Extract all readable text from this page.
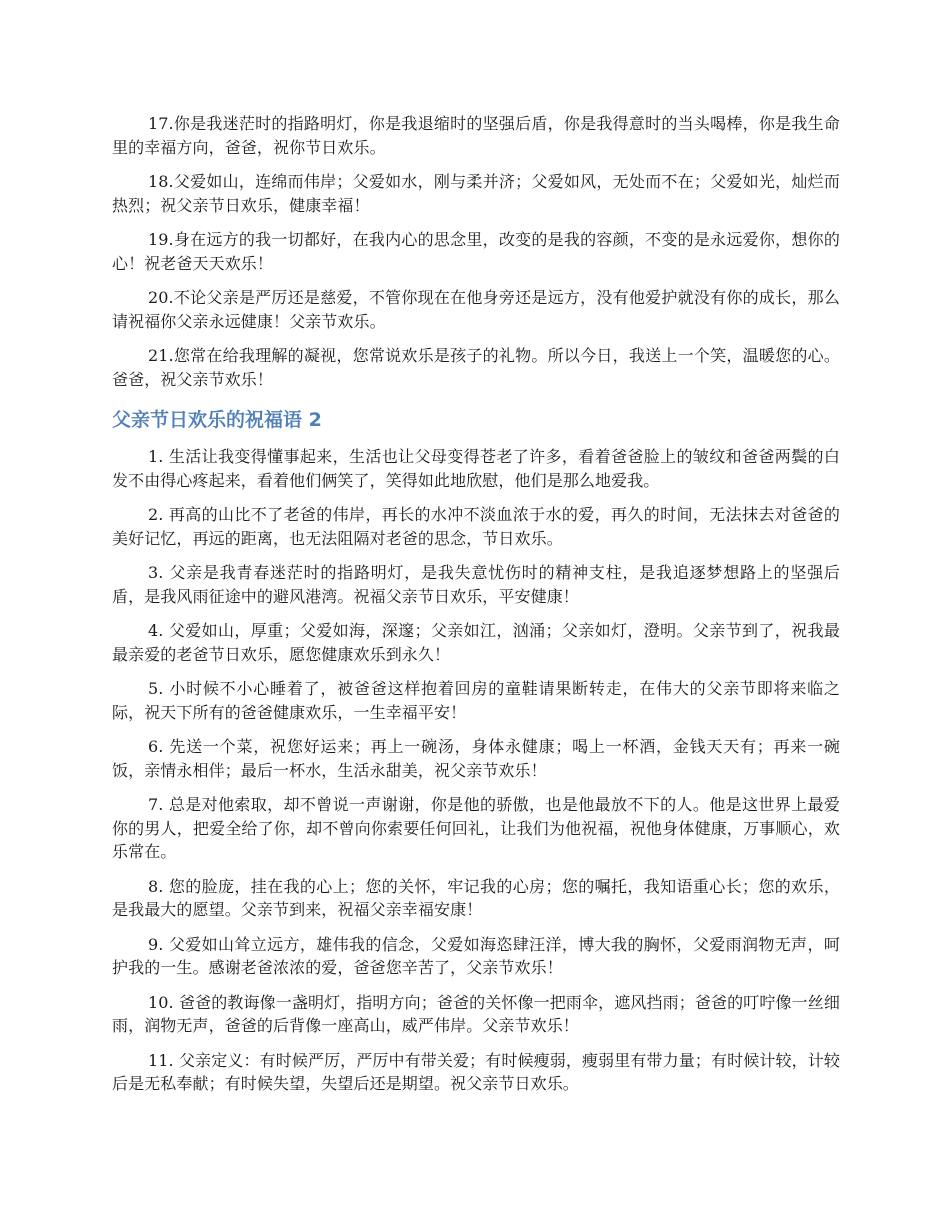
17.你是我迷茫时的指路明灯，你是我退缩时的坚强后盾，你是我得意时的当头喝棒，你是我生命里的幸福方向，爸爸，祝你节日欢乐。

18.父爱如山，连绵而伟岸；父爱如水，刚与柔并济；父爱如风，无处而不在；父爱如光，灿烂而热烈；祝父亲节日欢乐，健康幸福！

19.身在远方的我一切都好，在我内心的思念里，改变的是我的容颜，不变的是永远爱你，想你的心！祝老爸天天欢乐！

20.不论父亲是严厉还是慈爱，不管你现在在他身旁还是远方，没有他爱护就没有你的成长，那么请祝福你父亲永远健康！父亲节欢乐。

21.您常在给我理解的凝视，您常说欢乐是孩子的礼物。所以今日，我送上一个笑，温暖您的心。爸爸，祝父亲节欢乐！

父亲节日欢乐的祝福语 2

1. 生活让我变得懂事起来，生活也让父母变得苍老了许多，看着爸爸脸上的皱纹和爸爸两鬓的白发不由得心疼起来，看着他们俩笑了，笑得如此地欣慰，他们是那么地爱我。

2. 再高的山比不了老爸的伟岸，再长的水冲不淡血浓于水的爱，再久的时间，无法抹去对爸爸的美好记忆，再远的距离，也无法阻隔对老爸的思念，节日欢乐。

3. 父亲是我青春迷茫时的指路明灯，是我失意忧伤时的精神支柱，是我追逐梦想路上的坚强后盾，是我风雨征途中的避风港湾。祝福父亲节日欢乐，平安健康！

4. 父爱如山，厚重；父爱如海，深邃；父亲如江，汹涌；父亲如灯，澄明。父亲节到了，祝我最最亲爱的老爸节日欢乐，愿您健康欢乐到永久！

5. 小时候不小心睡着了，被爸爸这样抱着回房的童鞋请果断转走，在伟大的父亲节即将来临之际，祝天下所有的爸爸健康欢乐，一生幸福平安！

6. 先送一个菜，祝您好运来；再上一碗汤，身体永健康；喝上一杯酒，金钱天天有；再来一碗饭，亲情永相伴；最后一杯水，生活永甜美，祝父亲节欢乐！

7. 总是对他索取，却不曾说一声谢谢，你是他的骄傲，也是他最放不下的人。他是这世界上最爱你的男人，把爱全给了你，却不曾向你索要任何回礼，让我们为他祝福，祝他身体健康，万事顺心，欢乐常在。

8. 您的脸庞，挂在我的心上；您的关怀，牢记我的心房；您的嘱托，我知语重心长；您的欢乐，是我最大的愿望。父亲节到来，祝福父亲幸福安康！

9. 父爱如山耸立远方，雄伟我的信念，父爱如海恣肆汪洋，博大我的胸怀，父爱雨润物无声，呵护我的一生。感谢老爸浓浓的爱，爸爸您辛苦了，父亲节欢乐！

10. 爸爸的教诲像一盏明灯，指明方向；爸爸的关怀像一把雨伞，遮风挡雨；爸爸的叮咛像一丝细雨，润物无声，爸爸的后背像一座高山，威严伟岸。父亲节欢乐！

11. 父亲定义：有时候严厉，严厉中有带关爱；有时候瘦弱，瘦弱里有带力量；有时候计较，计较后是无私奉献；有时候失望，失望后还是期望。祝父亲节日欢乐。
